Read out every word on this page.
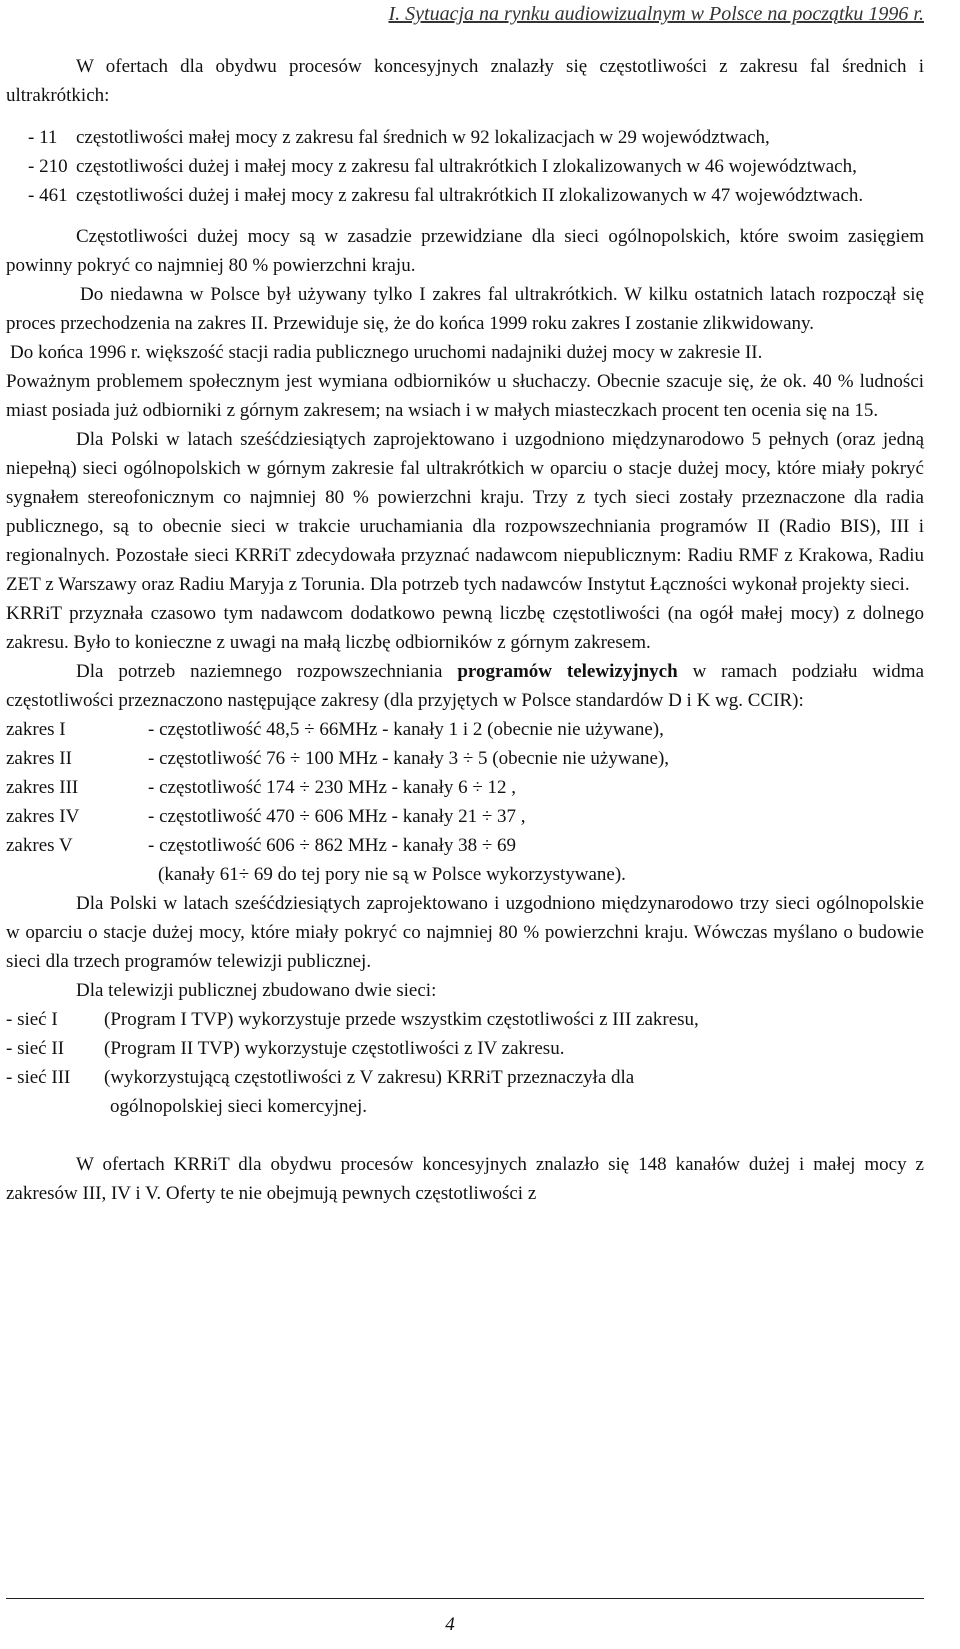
I. Sytuacja na rynku audiowizualnym w Polsce na początku 1996 r.

W ofertach dla obydwu procesów koncesyjnych znalazły się częstotliwości z zakresu fal średnich i ultrakrótkich:

- 11 częstotliwości małej mocy z zakresu fal średnich w 92 lokalizacjach w 29 województwach,
- 210 częstotliwości dużej i małej mocy z zakresu fal ultrakrótkich I zlokalizowanych w 46 województwach,
- 461 częstotliwości dużej i małej mocy z zakresu fal ultrakrótkich II zlokalizowanych w 47 województwach.

Częstotliwości dużej mocy są w zasadzie przewidziane dla sieci ogólnopolskich, które swoim zasięgiem powinny pokryć co najmniej 80 % powierzchni kraju.

Do niedawna w Polsce był używany tylko I zakres fal ultrakrótkich. W kilku ostatnich latach rozpoczął się proces przechodzenia na zakres II. Przewiduje się, że do końca 1999 roku zakres I zostanie zlikwidowany.

Do końca 1996 r. większość stacji radia publicznego uruchomi nadajniki dużej mocy w zakresie II.

Poważnym problemem społecznym jest wymiana odbiorników u słuchaczy. Obecnie szacuje się, że ok. 40 % ludności miast posiada już odbiorniki z górnym zakresem; na wsiach i w małych miasteczkach procent ten ocenia się na 15.

Dla Polski w latach sześćdziesiątych zaprojektowano i uzgodniono międzynarodowo 5 pełnych (oraz jedną niepełną) sieci ogólnopolskich w górnym zakresie fal ultrakrótkich w oparciu o stacje dużej mocy, które miały pokryć sygnałem stereofonicznym co najmniej 80 % powierzchni kraju. Trzy z tych sieci zostały przeznaczone dla radia publicznego, są to obecnie sieci w trakcie uruchamiania dla rozpowszechniania programów II (Radio BIS), III i regionalnych. Pozostałe sieci KRRiT zdecydowała przyznać nadawcom niepublicznym: Radiu RMF z Krakowa, Radiu ZET z Warszawy oraz Radiu Maryja z Torunia. Dla potrzeb tych nadawców Instytut Łączności wykonał projekty sieci.

KRRiT przyznała czasowo tym nadawcom dodatkowo pewną liczbę częstotliwości (na ogół małej mocy) z dolnego zakresu. Było to konieczne z uwagi na małą liczbę odbiorników z górnym zakresem.

Dla potrzeb naziemnego rozpowszechniania programów telewizyjnych w ramach podziału widma częstotliwości przeznaczono następujące zakresy (dla przyjętych w Polsce standardów D i K wg. CCIR):

zakres I	- częstotliwość 48,5 ÷ 66MHz - kanały 1 i 2 (obecnie nie używane),
zakres II	- częstotliwość 76 ÷ 100 MHz - kanały 3 ÷ 5 (obecnie nie używane),
zakres III	- częstotliwość 174 ÷ 230 MHz - kanały 6 ÷ 12 ,
zakres IV	- częstotliwość 470 ÷ 606 MHz - kanały 21 ÷ 37 ,
zakres V	- częstotliwość 606 ÷ 862 MHz - kanały 38 ÷ 69
(kanały 61÷ 69 do tej pory nie są w Polsce wykorzystywane).

Dla Polski w latach sześćdziesiątych zaprojektowano i uzgodniono międzynarodowo trzy sieci ogólnopolskie w oparciu o stacje dużej mocy, które miały pokryć co najmniej 80 % powierzchni kraju. Wówczas myślano o budowie sieci dla trzech programów telewizji publicznej.

Dla telewizji publicznej zbudowano dwie sieci:

- sieć I	(Program I TVP) wykorzystuje przede wszystkim częstotliwości z III zakresu,
- sieć II	(Program II TVP) wykorzystuje częstotliwości z IV zakresu.
- sieć III	(wykorzystującą częstotliwości z V zakresu) KRRiT przeznaczyła dla
ogólnopolskiej sieci komercyjnej.

W ofertach KRRiT dla obydwu procesów koncesyjnych znalazło się 148 kanałów dużej i małej mocy z zakresów III, IV i V. Oferty te nie obejmują pewnych częstotliwości z

4
